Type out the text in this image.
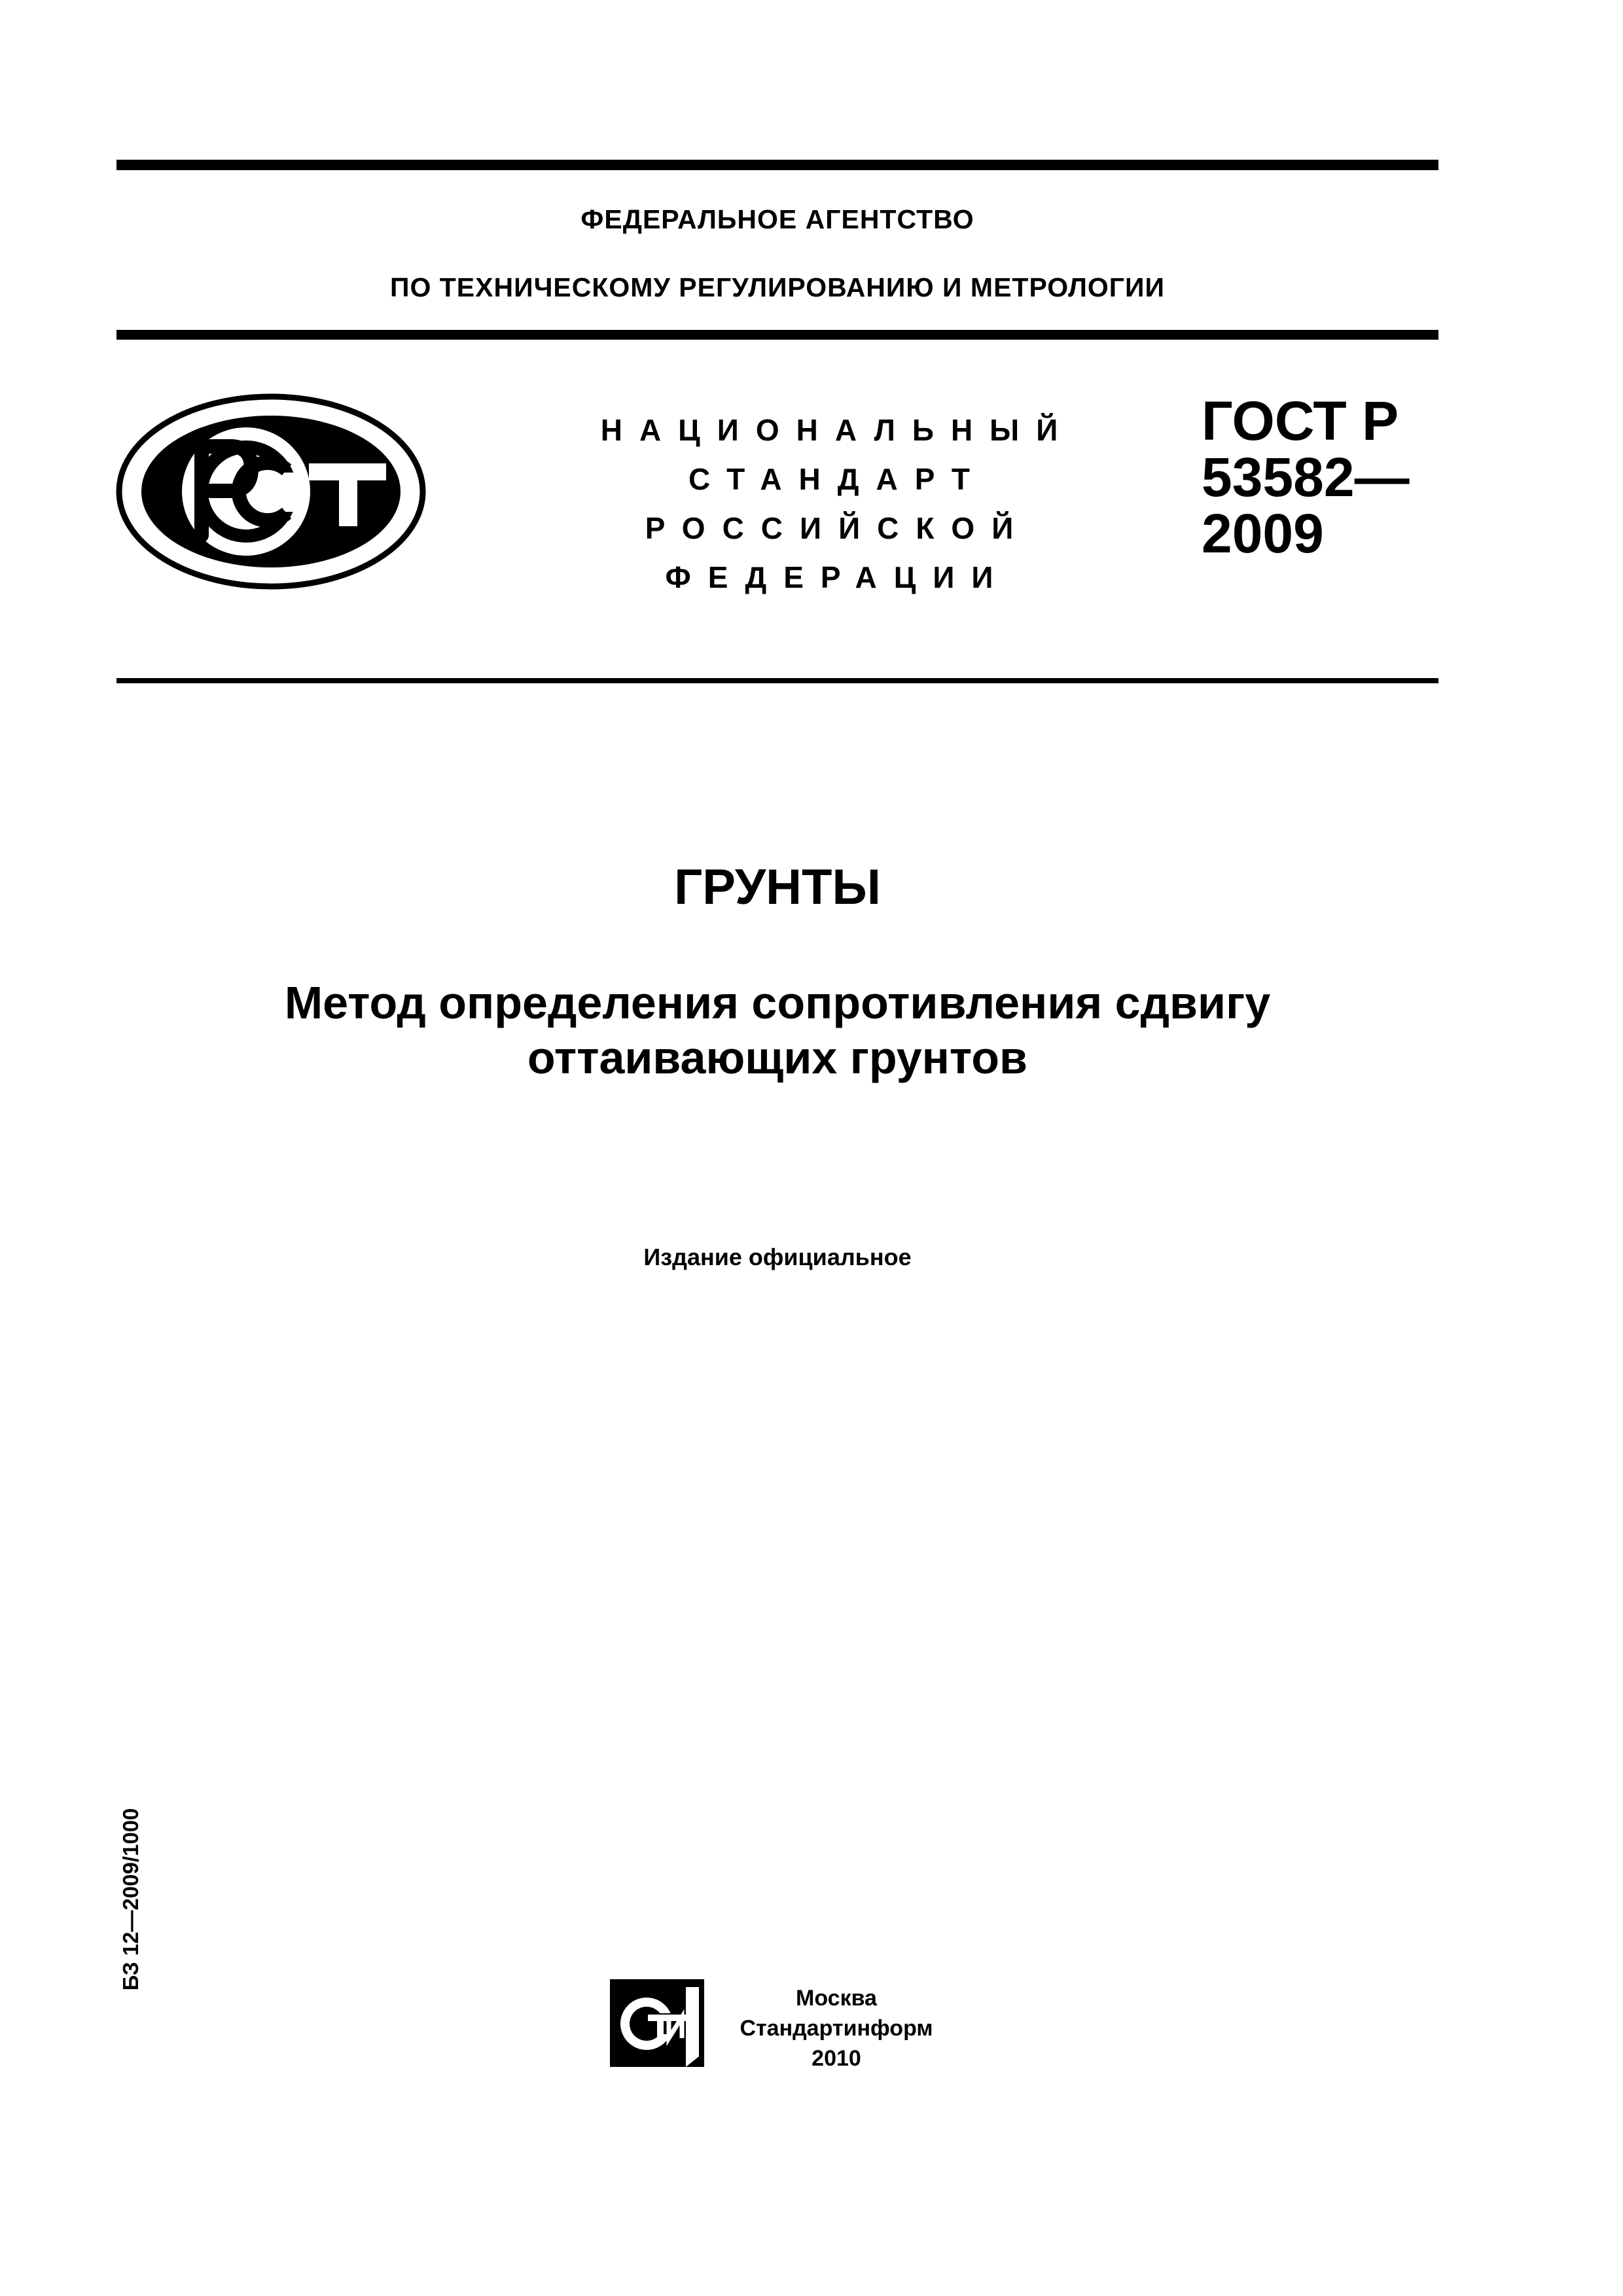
ФЕДЕРАЛЬНОЕ АГЕНТСТВО
ПО ТЕХНИЧЕСКОМУ РЕГУЛИРОВАНИЮ И МЕТРОЛОГИИ
НАЦИОНАЛЬНЫЙ
СТАНДАРТ
РОССИЙСКОЙ
ФЕДЕРАЦИИ
ГОСТ Р
53582—
2009
ГРУНТЫ
Метод определения сопротивления сдвигу
оттаивающих грунтов
Издание официальное
БЗ 12—2009/1000
Москва
Стандартинформ
2010
